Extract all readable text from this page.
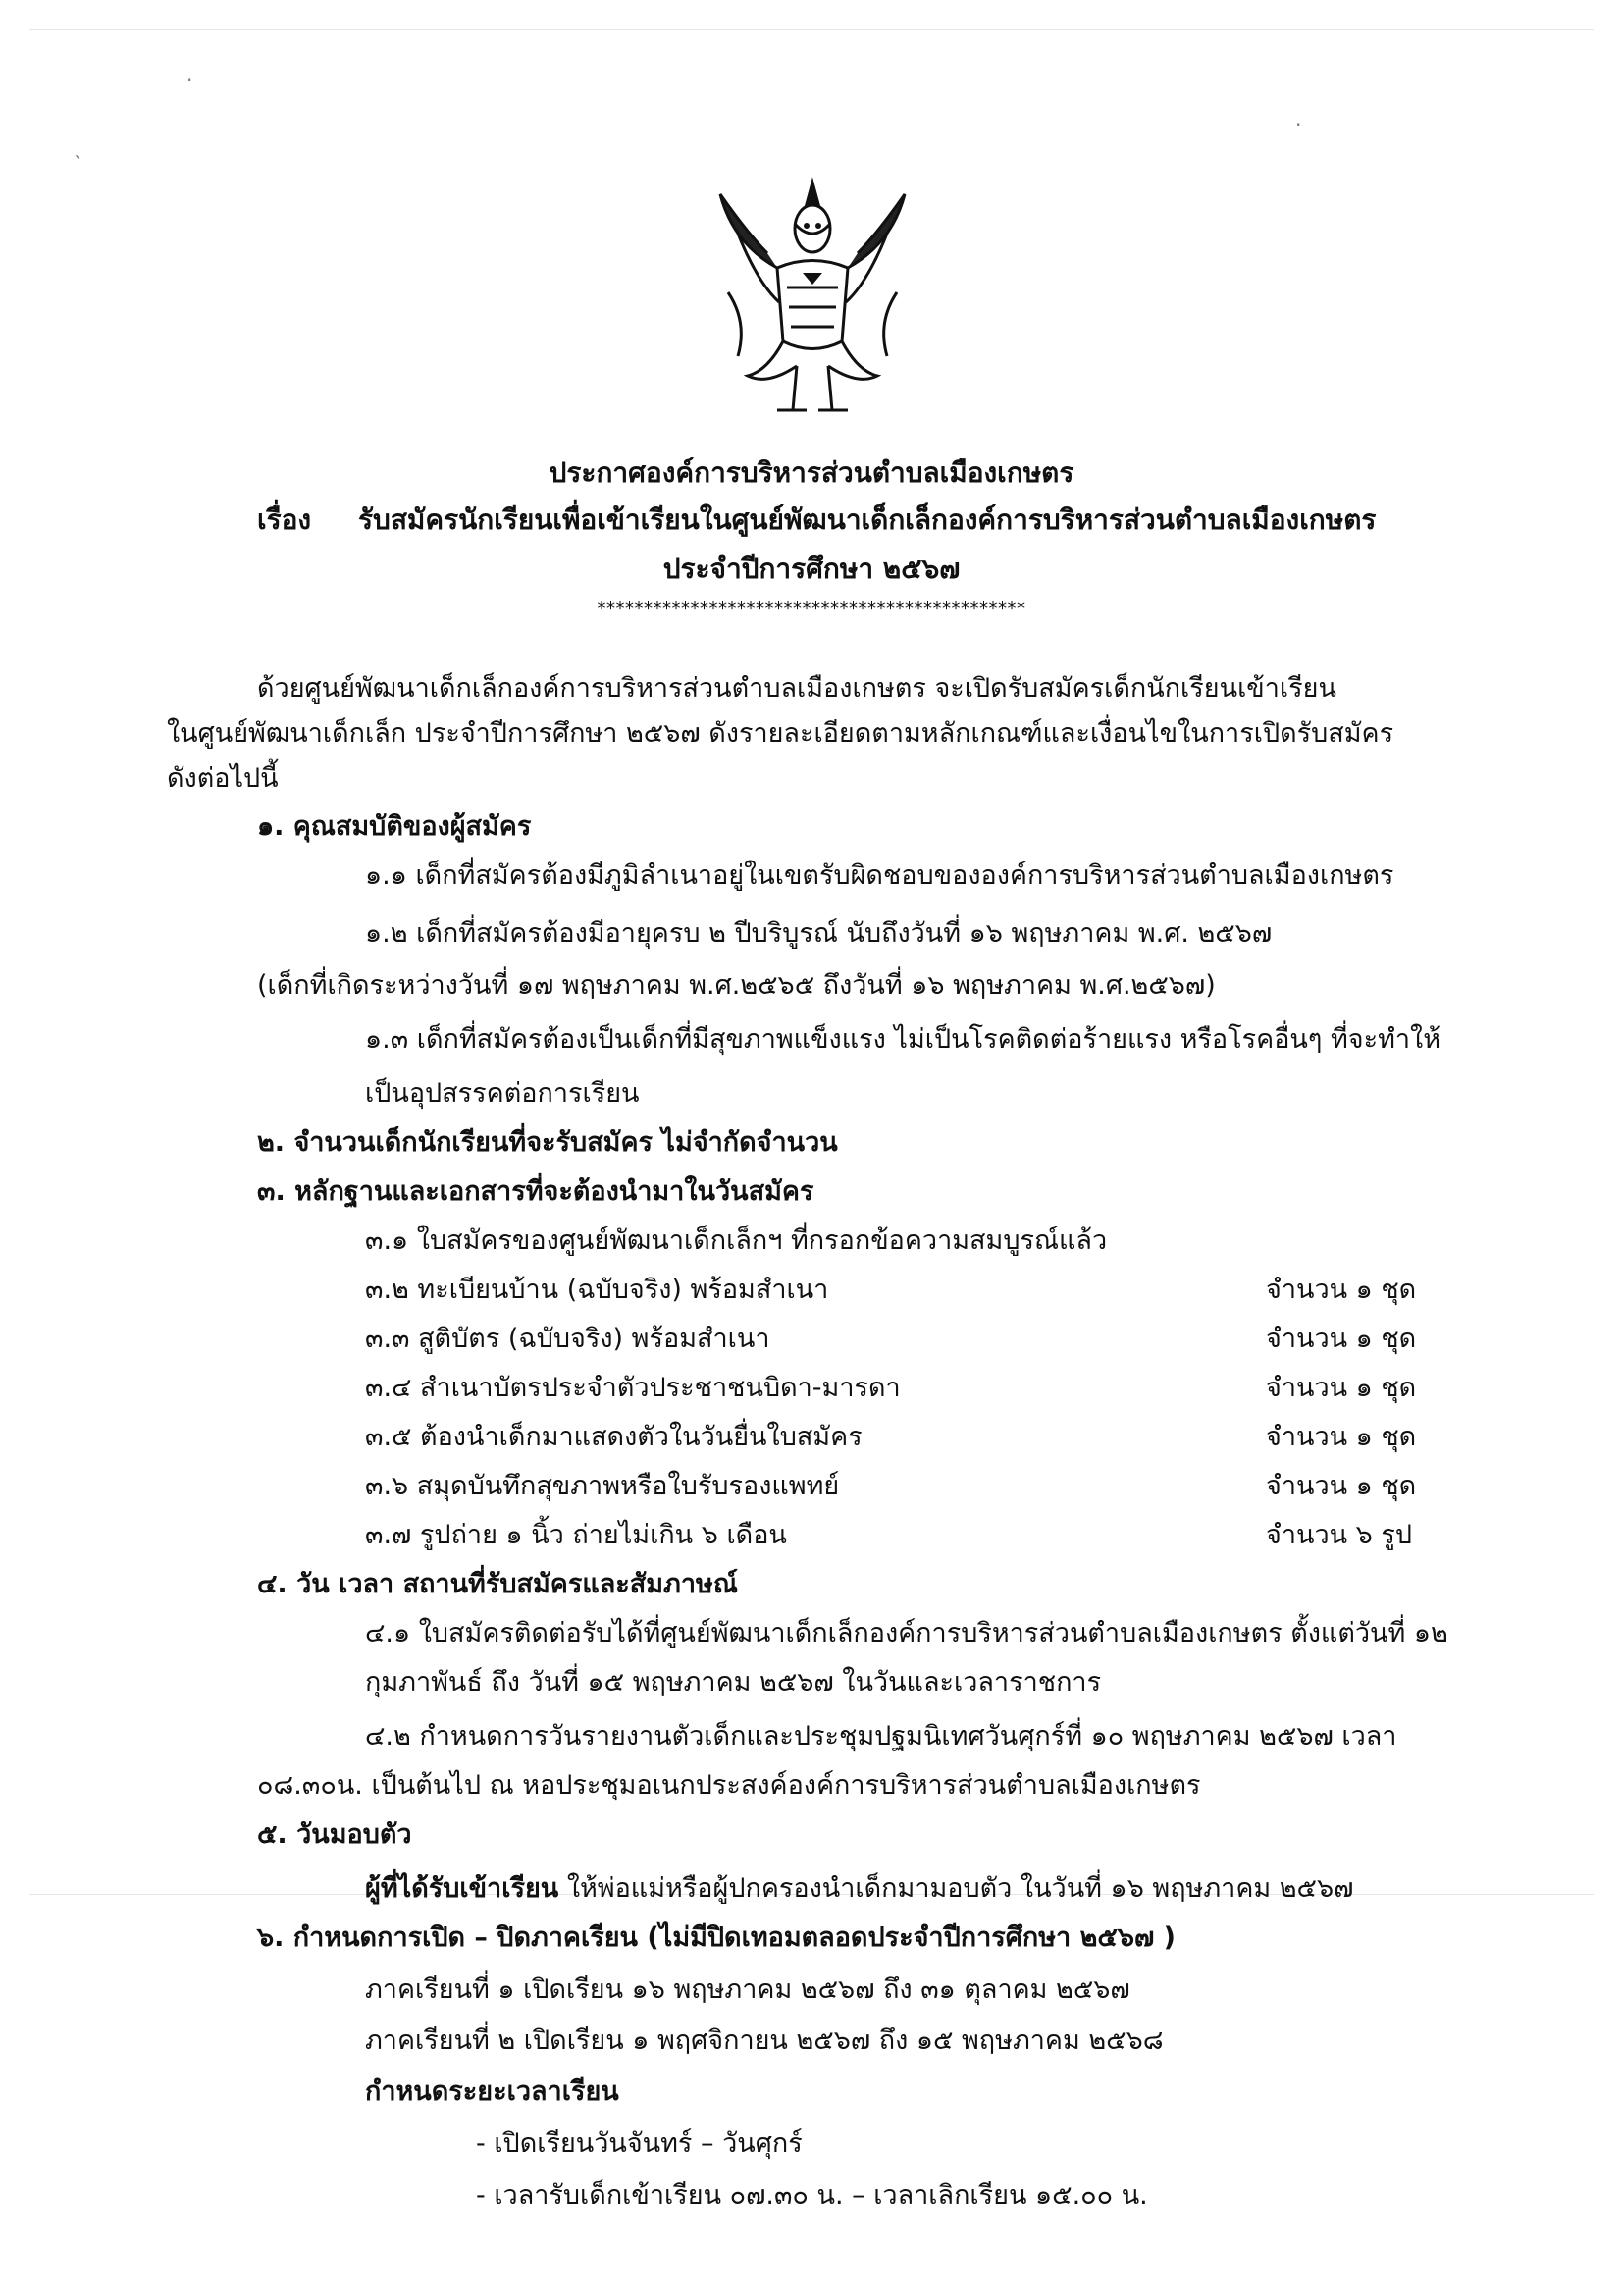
·
ˎ
·
ประกาศองค์การบริหารส่วนตำบลเมืองเกษตร
เรื่อง รับสมัครนักเรียนเพื่อเข้าเรียนในศูนย์พัฒนาเด็กเล็กองค์การบริหารส่วนตำบลเมืองเกษตร
ประจำปีการศึกษา ๒๕๖๗
**********************************************
ด้วยศูนย์พัฒนาเด็กเล็กองค์การบริหารส่วนตำบลเมืองเกษตร จะเปิดรับสมัครเด็กนักเรียนเข้าเรียน
ในศูนย์พัฒนาเด็กเล็ก ประจำปีการศึกษา ๒๕๖๗ ดังรายละเอียดตามหลักเกณฑ์และเงื่อนไขในการเปิดรับสมัคร
ดังต่อไปนี้
๑. คุณสมบัติของผู้สมัคร
๑.๑ เด็กที่สมัครต้องมีภูมิลำเนาอยู่ในเขตรับผิดชอบขององค์การบริหารส่วนตำบลเมืองเกษตร
๑.๒ เด็กที่สมัครต้องมีอายุครบ ๒ ปีบริบูรณ์ นับถึงวันที่ ๑๖ พฤษภาคม พ.ศ. ๒๕๖๗
(เด็กที่เกิดระหว่างวันที่ ๑๗ พฤษภาคม พ.ศ.๒๕๖๕ ถึงวันที่ ๑๖ พฤษภาคม พ.ศ.๒๕๖๗)
๑.๓ เด็กที่สมัครต้องเป็นเด็กที่มีสุขภาพแข็งแรง ไม่เป็นโรคติดต่อร้ายแรง หรือโรคอื่นๆ ที่จะทำให้
เป็นอุปสรรคต่อการเรียน
๒. จำนวนเด็กนักเรียนที่จะรับสมัคร ไม่จำกัดจำนวน
๓. หลักฐานและเอกสารที่จะต้องนำมาในวันสมัคร
๓.๑ ใบสมัครของศูนย์พัฒนาเด็กเล็กฯ ที่กรอกข้อความสมบูรณ์แล้ว
๓.๒ ทะเบียนบ้าน (ฉบับจริง) พร้อมสำเนา	จำนวน ๑ ชุด
๓.๓ สูติบัตร (ฉบับจริง) พร้อมสำเนา	จำนวน ๑ ชุด
๓.๔ สำเนาบัตรประจำตัวประชาชนบิดา-มารดา	จำนวน ๑ ชุด
๓.๕ ต้องนำเด็กมาแสดงตัวในวันยื่นใบสมัคร	จำนวน ๑ ชุด
๓.๖ สมุดบันทึกสุขภาพหรือใบรับรองแพทย์	จำนวน ๑ ชุด
๓.๗ รูปถ่าย ๑ นิ้ว ถ่ายไม่เกิน ๖ เดือน	จำนวน ๖ รูป
๔. วัน เวลา สถานที่รับสมัครและสัมภาษณ์
๔.๑ ใบสมัครติดต่อรับได้ที่ศูนย์พัฒนาเด็กเล็กองค์การบริหารส่วนตำบลเมืองเกษตร ตั้งแต่วันที่ ๑๒
กุมภาพันธ์ ถึง วันที่ ๑๕ พฤษภาคม ๒๕๖๗ ในวันและเวลาราชการ
๔.๒ กำหนดการวันรายงานตัวเด็กและประชุมปฐมนิเทศวันศุกร์ที่ ๑๐ พฤษภาคม ๒๕๖๗ เวลา
๐๘.๓๐น. เป็นต้นไป ณ หอประชุมอเนกประสงค์องค์การบริหารส่วนตำบลเมืองเกษตร
๕. วันมอบตัว
ผู้ที่ได้รับเข้าเรียน ให้พ่อแม่หรือผู้ปกครองนำเด็กมามอบตัว ในวันที่ ๑๖ พฤษภาคม ๒๕๖๗
๖. กำหนดการเปิด – ปิดภาคเรียน (ไม่มีปิดเทอมตลอดประจำปีการศึกษา ๒๕๖๗ )
ภาคเรียนที่ ๑ เปิดเรียน ๑๖ พฤษภาคม ๒๕๖๗ ถึง ๓๑ ตุลาคม ๒๕๖๗
ภาคเรียนที่ ๒ เปิดเรียน ๑ พฤศจิกายน ๒๕๖๗ ถึง ๑๕ พฤษภาคม ๒๕๖๘
กำหนดระยะเวลาเรียน
- เปิดเรียนวันจันทร์ – วันศุกร์
- เวลารับเด็กเข้าเรียน ๐๗.๓๐ น. – เวลาเลิกเรียน ๑๕.๐๐ น.
